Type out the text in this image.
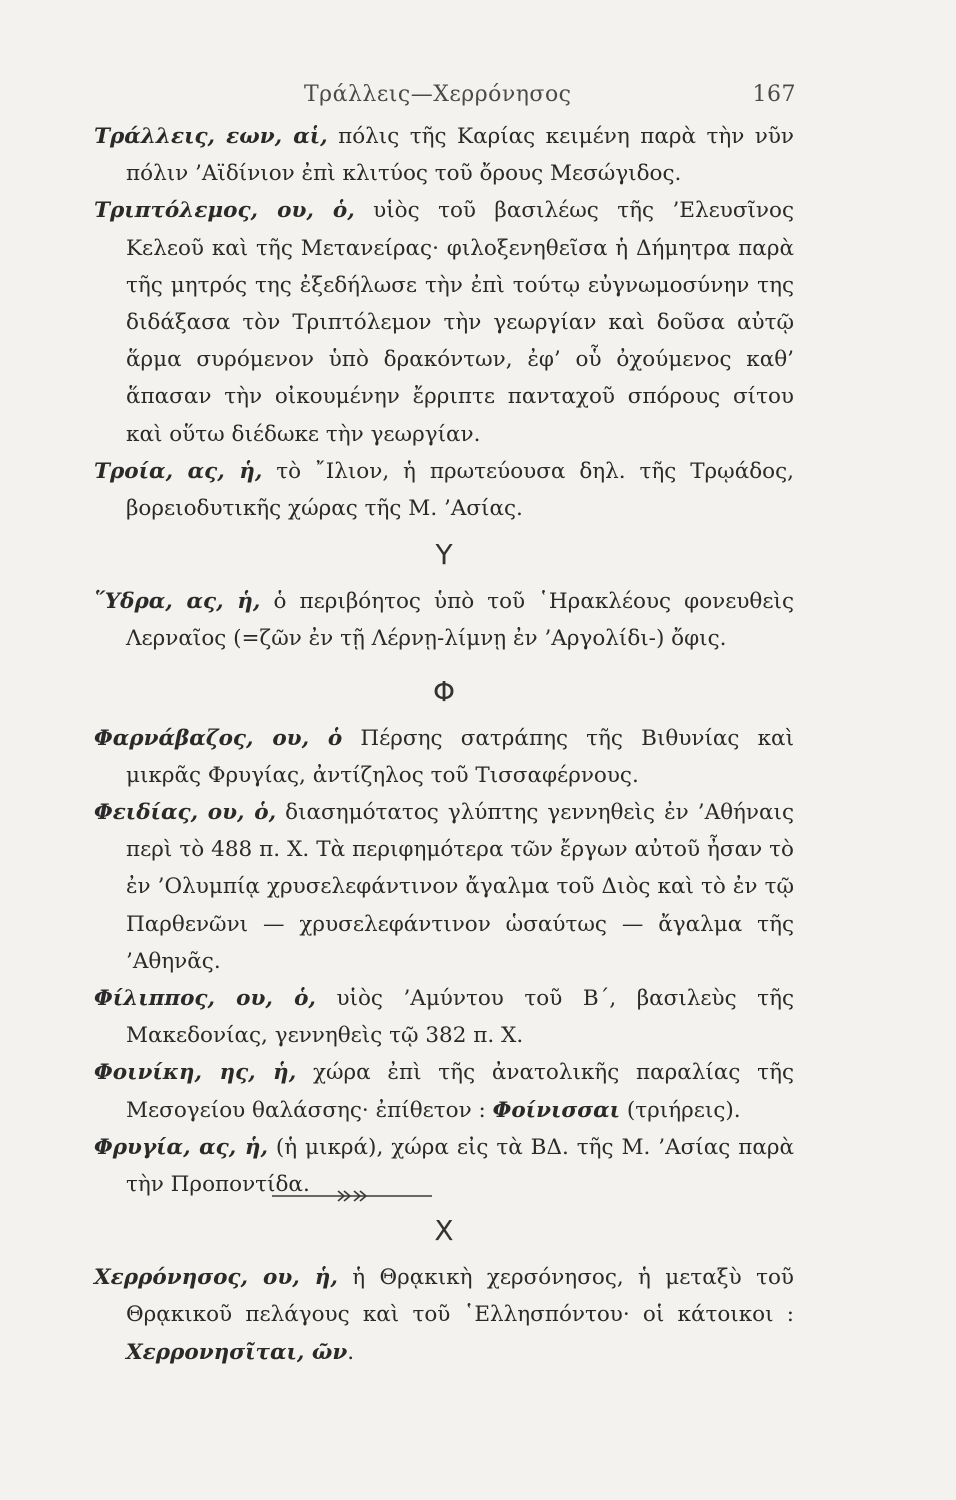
Τράλλεις—Χερρόνησος	167

Τράλλεις, εων, αἱ, πόλις τῆς Καρίας κειμένη παρὰ τὴν νῦν πόλιν ’Αϊδίνιον ἐπὶ κλιτύος τοῦ ὄρους Μεσώγιδος.

Τριπτόλεμος, ου, ὁ, υἱὸς τοῦ βασιλέως τῆς ’Ελευσῖνος Κελεοῦ καὶ τῆς Μετανείρας· φιλοξενηθεῖσα ἡ Δήμητρα παρὰ τῆς μητρός της ἐξεδήλωσε τὴν ἐπὶ τούτῳ εὐγνωμοσύνην της διδάξασα τὸν Τριπτόλεμον τὴν γεωργίαν καὶ δοῦσα αὐτῷ ἅρμα συρόμενον ὑπὸ δρακόντων, ἐφ’ οὗ ὀχούμενος καθ’ ἅπασαν τὴν οἰκουμένην ἔρριπτε πανταχοῦ σπόρους σίτου καὶ οὕτω διέδωκε τὴν γεωργίαν.

Τροία, ας, ἡ, τὸ ῎Ιλιον, ἡ πρωτεύουσα δηλ. τῆς Τρῳάδος, βορειοδυτικῆς χώρας τῆς Μ. ’Ασίας.

Υ

῞Υδρα, ας, ἡ, ὁ περιβόητος ὑπὸ τοῦ ῾Ηρακλέους φονευθεὶς Λερναῖος (=ζῶν ἐν τῇ Λέρνῃ-λίμνῃ ἐν ’Αργολίδι-) ὄφις.

Φ

Φαρνάβαζος, ου, ὁ Πέρσης σατράπης τῆς Βιθυνίας καὶ μικρᾶς Φρυγίας, ἀντίζηλος τοῦ Τισσαφέρνους.

Φειδίας, ου, ὁ, διασημότατος γλύπτης γεννηθεὶς ἐν ’Αθήναις περὶ τὸ 488 π. Χ. Τὰ περιφημότερα τῶν ἔργων αὐτοῦ ἦσαν τὸ ἐν ’Ολυμπίᾳ χρυσελεφάντινον ἄγαλμα τοῦ Διὸς καὶ τὸ ἐν τῷ Παρθενῶνι — χρυσελεφάντινον ὡσαύτως — ἄγαλμα τῆς ’Αθηνᾶς.

Φίλιππος, ου, ὁ, υἱὸς ’Αμύντου τοῦ Β΄, βασιλεὺς τῆς Μακεδονίας, γεννηθεὶς τῷ 382 π. Χ.

Φοινίκη, ης, ἡ, χώρα ἐπὶ τῆς ἀνατολικῆς παραλίας τῆς Μεσογείου θαλάσσης· ἐπίθετον : Φοίνισσαι (τριήρεις).

Φρυγία, ας, ἡ, (ἡ μικρά), χώρα εἰς τὰ ΒΔ. τῆς Μ. ’Ασίας παρὰ τὴν Προποντίδα.

Χ

Χερρόνησος, ου, ἡ, ἡ Θρᾳκικὴ χερσόνησος, ἡ μεταξὺ τοῦ Θρᾳκικοῦ πελάγους καὶ τοῦ ῾Ελλησπόντου· οἱ κάτοικοι : Χερρονησῖται, ῶν.
